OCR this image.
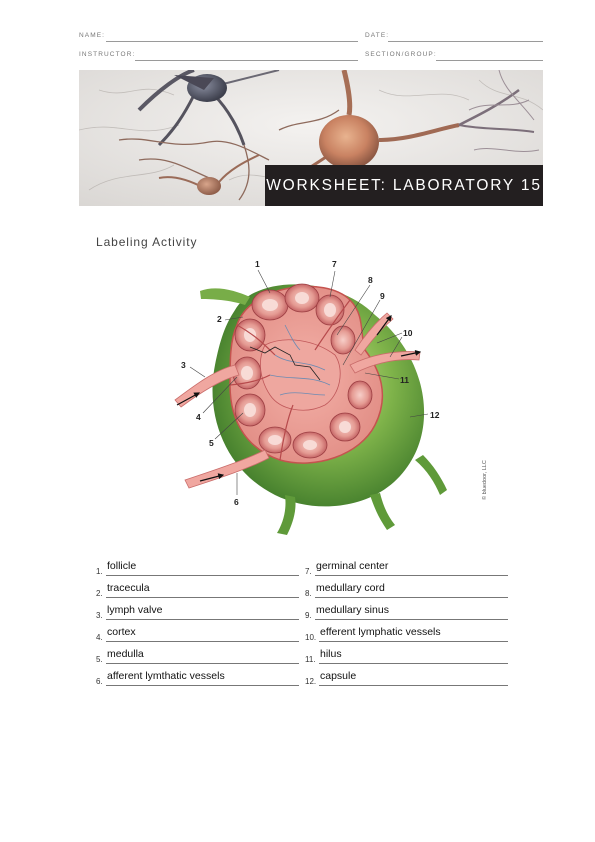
NAME:	DATE:
INSTRUCTOR:	SECTION/GROUP:
WORKSHEET: LABORATORY 15
Labeling Activity
1
2
3
4
5
6
7
8
9
10
11
12
© bluedoor, LLC
1. follicle
2. tracecula
3. lymph valve
4. cortex
5. medulla
6. afferent lymthatic vessels
7. germinal center
8. medullary cord
9. medullary sinus
10. efferent lymphatic vessels
11. hilus
12. capsule
